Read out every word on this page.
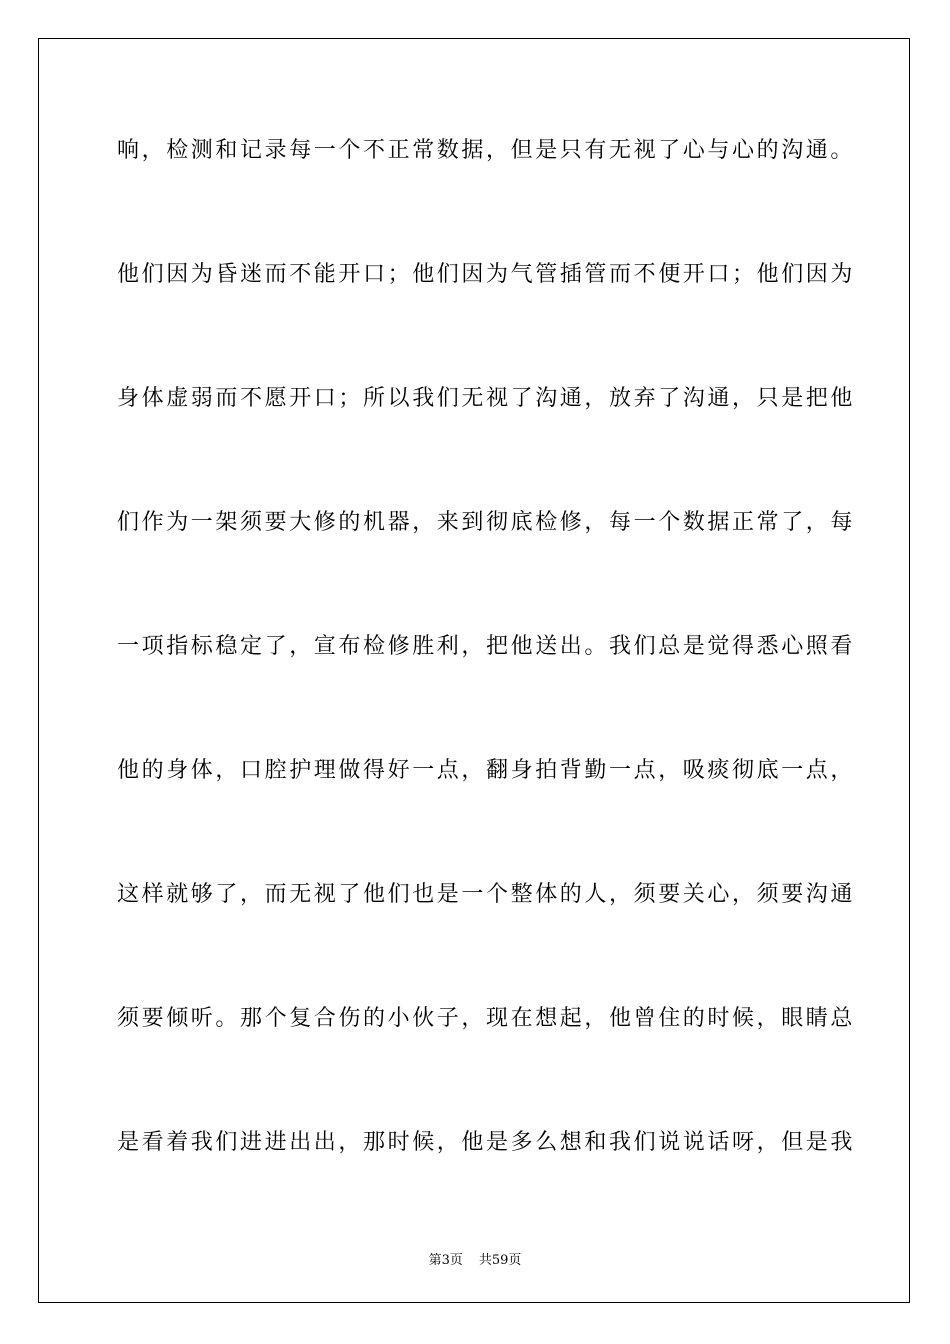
响，检测和记录每一个不正常数据，但是只有无视了心与心的沟通。

他们因为昏迷而不能开口；他们因为气管插管而不便开口；他们因为

身体虚弱而不愿开口；所以我们无视了沟通，放弃了沟通，只是把他

们作为一架须要大修的机器，来到彻底检修，每一个数据正常了，每

一项指标稳定了，宣布检修胜利，把他送出。我们总是觉得悉心照看

他的身体，口腔护理做得好一点，翻身拍背勤一点，吸痰彻底一点，

这样就够了，而无视了他们也是一个整体的人，须要关心，须要沟通

须要倾听。那个复合伤的小伙子，现在想起，他曾住的时候，眼睛总

是看着我们进进出出，那时候，他是多么想和我们说说话呀，但是我

第3页 共59页
